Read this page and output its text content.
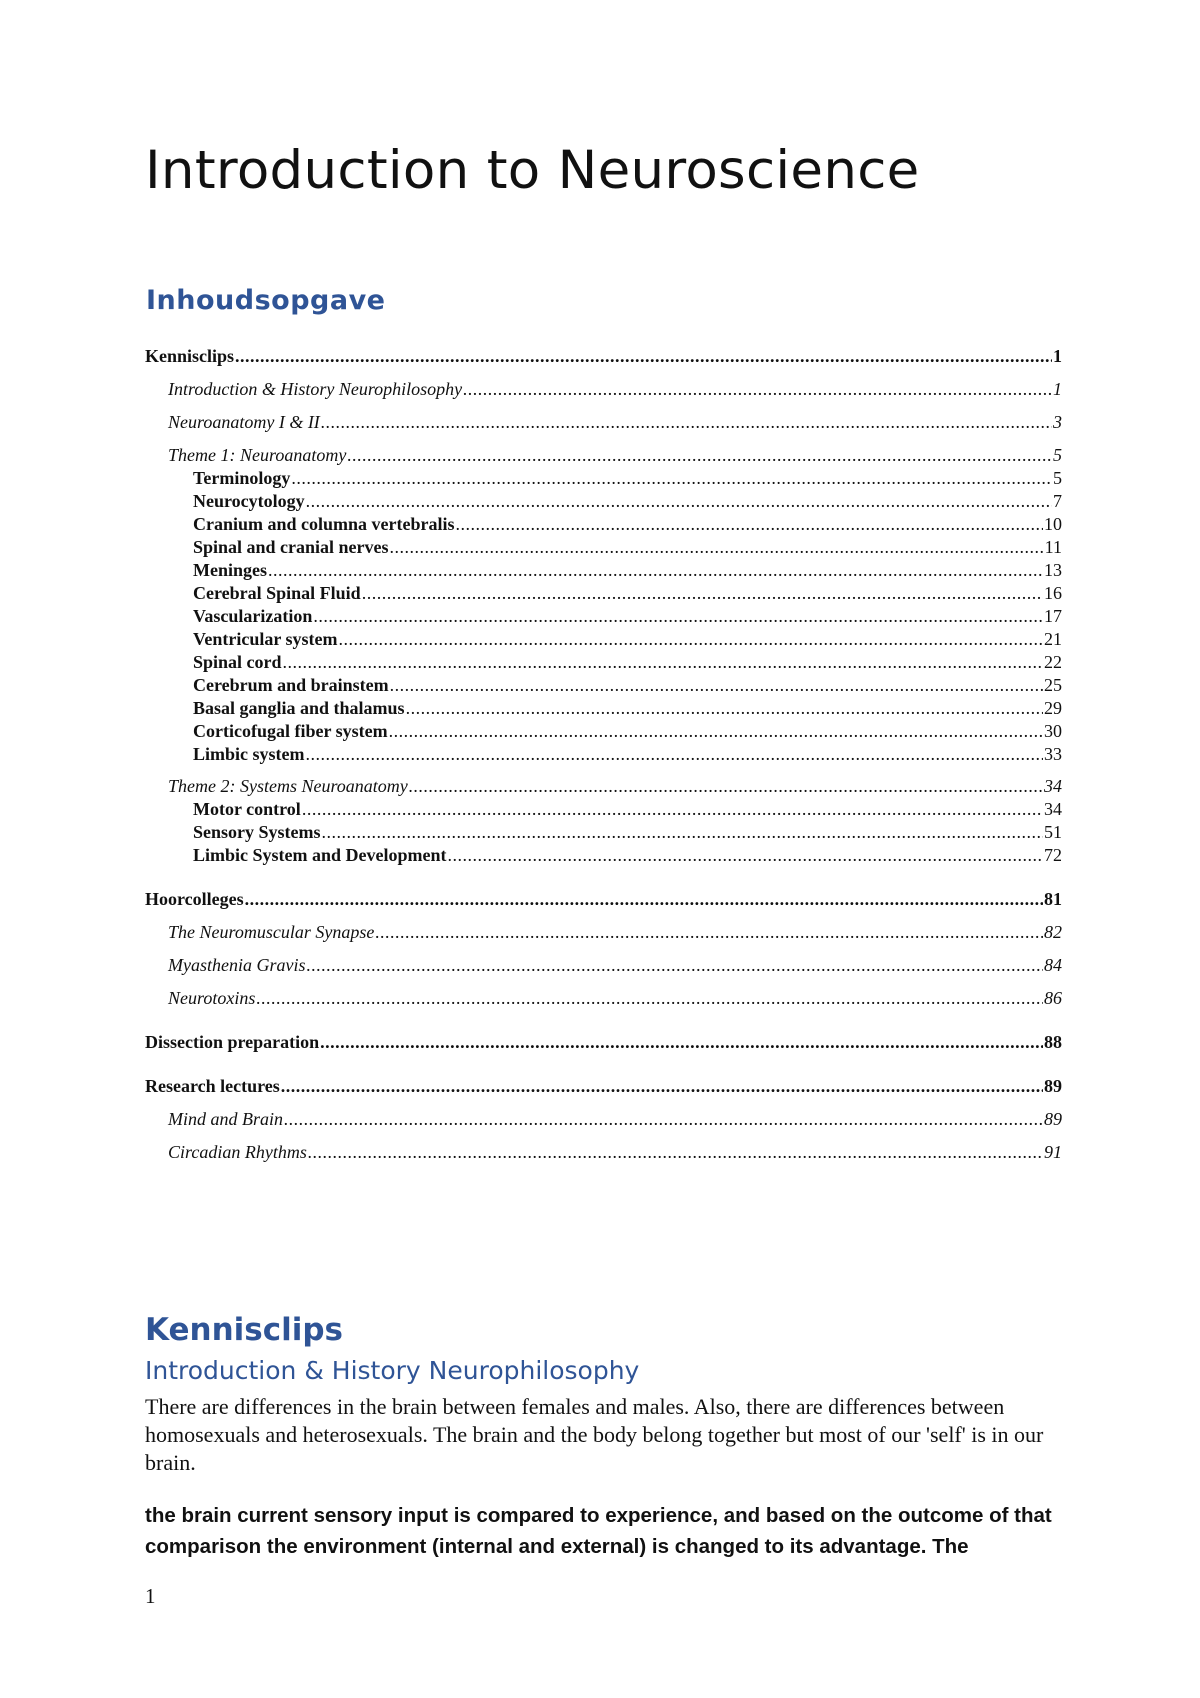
Introduction to Neuroscience
Inhoudsopgave
Kennisclips .....	1
Introduction & History Neurophilosophy .....	1
Neuroanatomy I & II .....	3
Theme 1: Neuroanatomy .....	5
Terminology .....	5
Neurocytology .....	7
Cranium and columna vertebralis .....	10
Spinal and cranial nerves .....	11
Meninges .....	13
Cerebral Spinal Fluid .....	16
Vascularization .....	17
Ventricular system .....	21
Spinal cord .....	22
Cerebrum and brainstem .....	25
Basal ganglia and thalamus .....	29
Corticofugal fiber system .....	30
Limbic system .....	33
Theme 2: Systems Neuroanatomy .....	34
Motor control .....	34
Sensory Systems .....	51
Limbic System and Development .....	72
Hoorcolleges .....	81
The Neuromuscular Synapse .....	82
Myasthenia Gravis .....	84
Neurotoxins .....	86
Dissection preparation .....	88
Research lectures .....	89
Mind and Brain .....	89
Circadian Rhythms .....	91
Kennisclips
Introduction & History Neurophilosophy

There are differences in the brain between females and males. Also, there are differences between homosexuals and heterosexuals. The brain and the body belong together but most of our 'self' is in our brain.

the brain current sensory input is compared to experience, and based on the outcome of that comparison the environment (internal and external) is changed to its advantage. The

1
